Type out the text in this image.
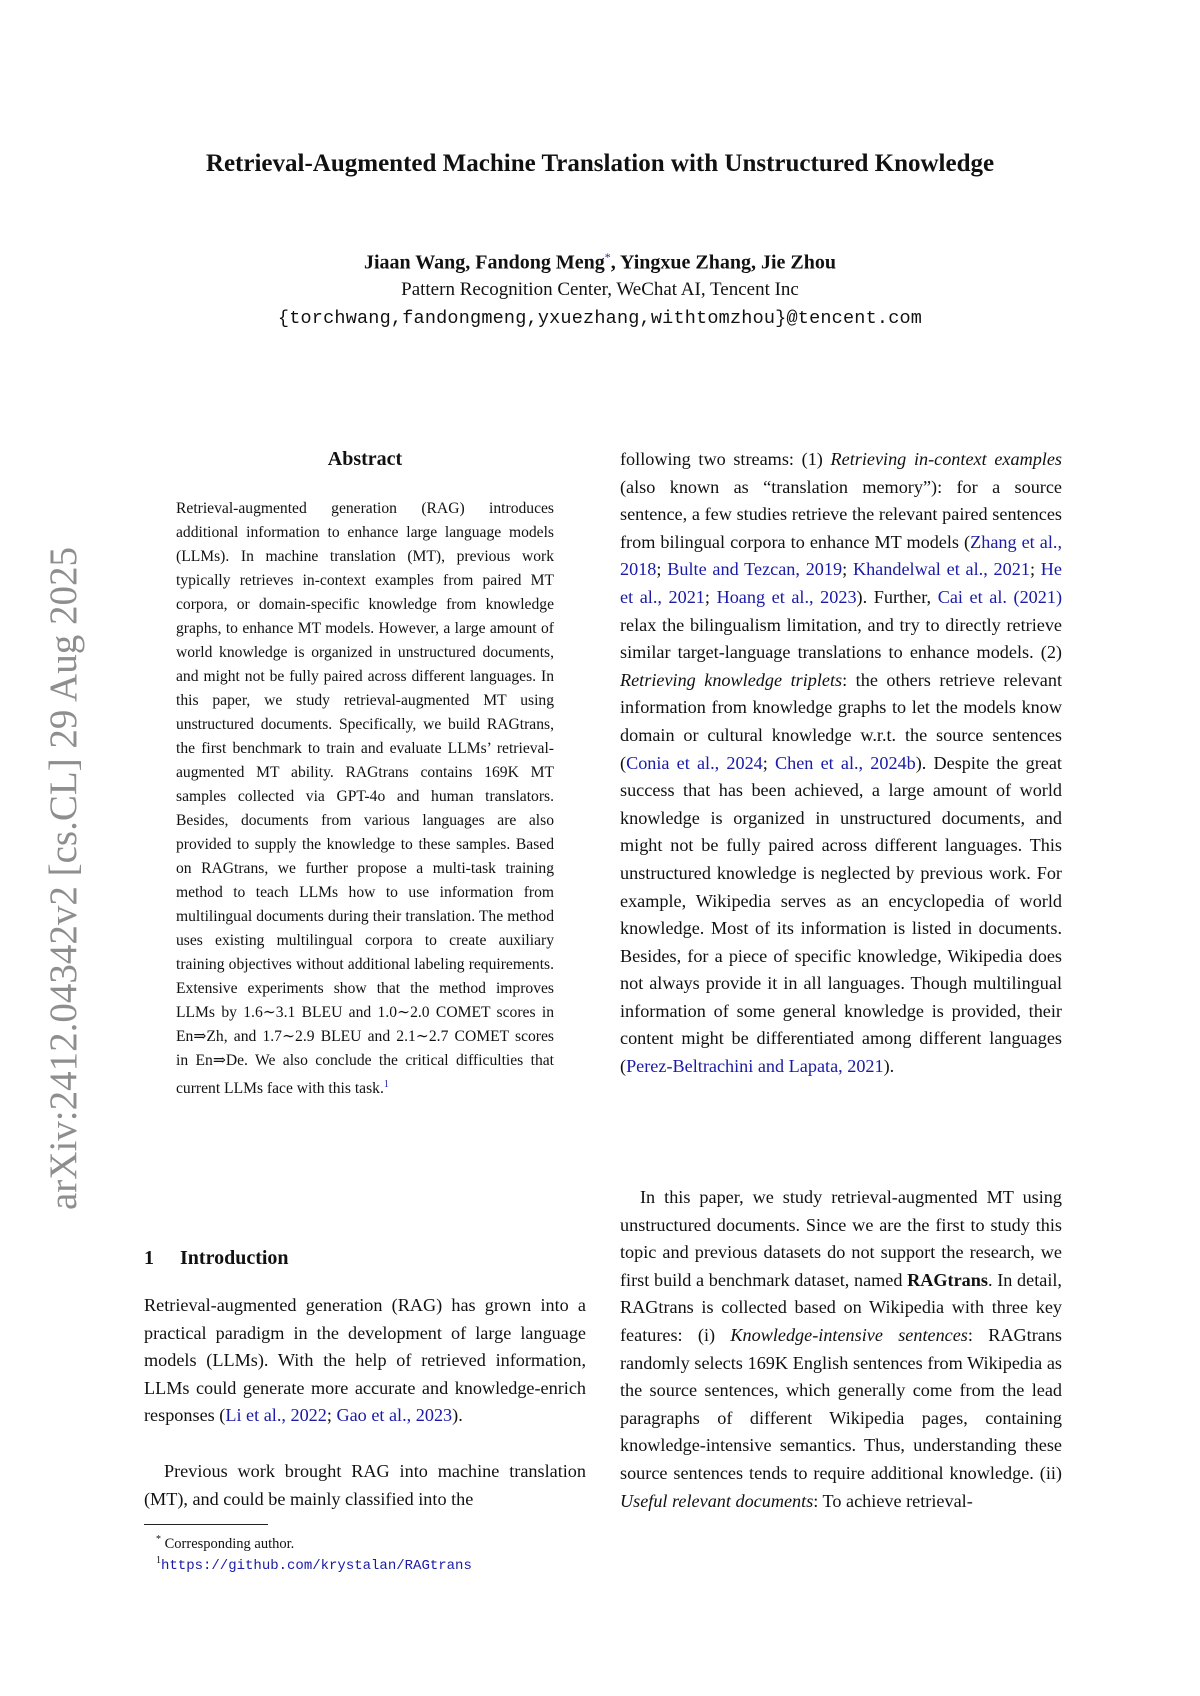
arXiv:2412.04342v2 [cs.CL] 29 Aug 2025
Retrieval-Augmented Machine Translation with Unstructured Knowledge
Jiaan Wang, Fandong Meng*, Yingxue Zhang, Jie Zhou
Pattern Recognition Center, WeChat AI, Tencent Inc
{torchwang,fandongmeng,yxuezhang,withtomzhou}@tencent.com
Abstract
Retrieval-augmented generation (RAG) introduces additional information to enhance large language models (LLMs). In machine translation (MT), previous work typically retrieves in-context examples from paired MT corpora, or domain-specific knowledge from knowledge graphs, to enhance MT models. However, a large amount of world knowledge is organized in unstructured documents, and might not be fully paired across different languages. In this paper, we study retrieval-augmented MT using unstructured documents. Specifically, we build RAGtrans, the first benchmark to train and evaluate LLMs’ retrieval-augmented MT ability. RAGtrans contains 169K MT samples collected via GPT-4o and human translators. Besides, documents from various languages are also provided to supply the knowledge to these samples. Based on RAGtrans, we further propose a multi-task training method to teach LLMs how to use information from multilingual documents during their translation. The method uses existing multilingual corpora to create auxiliary training objectives without additional labeling requirements. Extensive experiments show that the method improves LLMs by 1.6∼3.1 BLEU and 1.0∼2.0 COMET scores in En⇒Zh, and 1.7∼2.9 BLEU and 2.1∼2.7 COMET scores in En⇒De. We also conclude the critical difficulties that current LLMs face with this task.$^1$
1 Introduction
Retrieval-augmented generation (RAG) has grown into a practical paradigm in the development of large language models (LLMs). With the help of retrieved information, LLMs could generate more accurate and knowledge-enrich responses (Li et al., 2022; Gao et al., 2023).
Previous work brought RAG into machine translation (MT), and could be mainly classified into the
* Corresponding author.
$^1$https://github.com/krystalan/RAGtrans
following two streams: (1) Retrieving in-context examples (also known as “translation memory”): for a source sentence, a few studies retrieve the relevant paired sentences from bilingual corpora to enhance MT models (Zhang et al., 2018; Bulte and Tezcan, 2019; Khandelwal et al., 2021; He et al., 2021; Hoang et al., 2023). Further, Cai et al. (2021) relax the bilingualism limitation, and try to directly retrieve similar target-language translations to enhance models. (2) Retrieving knowledge triplets: the others retrieve relevant information from knowledge graphs to let the models know domain or cultural knowledge w.r.t. the source sentences (Conia et al., 2024; Chen et al., 2024b). Despite the great success that has been achieved, a large amount of world knowledge is organized in unstructured documents, and might not be fully paired across different languages. This unstructured knowledge is neglected by previous work. For example, Wikipedia serves as an encyclopedia of world knowledge. Most of its information is listed in documents. Besides, for a piece of specific knowledge, Wikipedia does not always provide it in all languages. Though multilingual information of some general knowledge is provided, their content might be differentiated among different languages (Perez-Beltrachini and Lapata, 2021).
In this paper, we study retrieval-augmented MT using unstructured documents. Since we are the first to study this topic and previous datasets do not support the research, we first build a benchmark dataset, named RAGtrans. In detail, RAGtrans is collected based on Wikipedia with three key features: (i) Knowledge-intensive sentences: RAGtrans randomly selects 169K English sentences from Wikipedia as the source sentences, which generally come from the lead paragraphs of different Wikipedia pages, containing knowledge-intensive semantics. Thus, understanding these source sentences tends to require additional knowledge. (ii) Useful relevant documents: To achieve retrieval-
